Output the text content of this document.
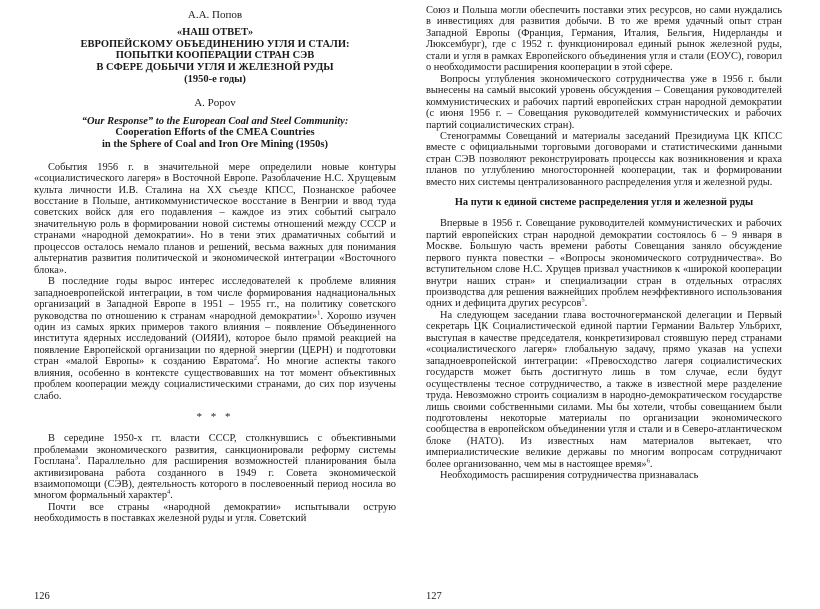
А.А. Попов
«НАШ ОТВЕТ»
ЕВРОПЕЙСКОМУ ОБЪЕДИНЕНИЮ УГЛЯ И СТАЛИ:
ПОПЫТКИ КООПЕРАЦИИ СТРАН СЭВ
В СФЕРЕ ДОБЫЧИ УГЛЯ И ЖЕЛЕЗНОЙ РУДЫ
(1950-е годы)
A. Popov
“Our Response” to the European Coal and Steel Community:
Cooperation Efforts of the CMEA Countries
in the Sphere of Coal and Iron Ore Mining (1950s)

События 1956 г. в значительной мере определили новые контуры «социалистического лагеря» в Восточной Европе. Разоблачение Н.С. Хрущевым культа личности И.В. Сталина на XX съезде КПСС, Познанское рабочее восстание в Польше, антикоммунистическое восстание в Венгрии и ввод туда советских войск для его подавления – каждое из этих событий сыграло значительную роль в формировании новой системы отношений между СССР и странами «народной демократии». Но в тени этих драматичных событий и процессов осталось немало планов и решений, весьма важных для понимания альтернатив развития политической и экономической интеграции «Восточного блока».

В последние годы вырос интерес исследователей к проблеме влияния западноевропейской интеграции, в том числе формирования наднациональных организаций в Западной Европе в 1951 – 1955 гг., на политику советского руководства по отношению к странам «народной демократии»$^1$. Хорошо изучен один из самых ярких примеров такого влияния – появление Объединенного института ядерных исследований (ОИЯИ), которое было прямой реакцией на появление Европейской организации по ядерной энергии (ЦЕРН) и подготовки стран «малой Европы» к созданию Евратома$^2$. Но многие аспекты такого влияния, особенно в контексте существовавших на тот момент объективных проблем кооперации между социалистическими странами, до сих пор изучены слабо.

* * *

В середине 1950-х гг. власти СССР, столкнувшись с объективными проблемами экономического развития, санкционировали реформу системы Госплана$^3$. Параллельно для расширения возможностей планирования была активизирована работа созданного в 1949 г. Совета экономической взаимопомощи (СЭВ), деятельность которого в послевоенный период носила во многом формальный характер$^4$.

Почти все страны «народной демократии» испытывали острую необходимость в поставках железной руды и угля. Советский

126

Союз и Польша могли обеспечить поставки этих ресурсов, но сами нуждались в инвестициях для развития добычи. В то же время удачный опыт стран Западной Европы (Франция, Германия, Италия, Бельгия, Нидерланды и Люксембург), где с 1952 г. функционировал единый рынок железной руды, стали и угля в рамках Европейского объединения угля и стали (ЕОУС), говорил о необходимости расширения кооперации в этой сфере.

Вопросы углубления экономического сотрудничества уже в 1956 г. были вынесены на самый высокий уровень обсуждения – Совещания руководителей коммунистических и рабочих партий европейских стран народной демократии (с июня 1956 г. – Совещания руководителей коммунистических и рабочих партий социалистических стран).

Стенограммы Совещаний и материалы заседаний Президиума ЦК КПСС вместе с официальными торговыми договорами и статистическими данными стран СЭВ позволяют реконструировать процессы как возникновения и краха планов по углублению многосторонней кооперации, так и формировании вместо них системы централизованного распределения угля и железной руды.

На пути к единой системе распределения угля и железной руды

Впервые в 1956 г. Совещание руководителей коммунистических и рабочих партий европейских стран народной демократии состоялось 6 – 9 января в Москве. Большую часть времени работы Совещания заняло обсуждение первого пункта повестки – «Вопросы экономического сотрудничества». Во вступительном слове Н.С. Хрущев призвал участников к «широкой кооперации внутри наших стран» и специализации стран в отдельных отраслях производства для решения важнейших проблем неэффективного использования одних и дефицита других ресурсов$^5$.

На следующем заседании глава восточногерманской делегации и Первый секретарь ЦК Социалистической единой партии Германии Вальтер Ульбрихт, выступая в качестве председателя, конкретизировал стоявшую перед странами «социалистического лагеря» глобальную задачу, прямо указав на успехи западноевропейской интеграции: «Превосходство лагеря социалистических государств может быть достигнуто лишь в том случае, если будут осуществлены тесное сотрудничество, а также в известной мере разделение труда. Невозможно строить социализм в народно-демократическом государстве лишь своими собственными силами. Мы бы хотели, чтобы совещанием были подготовлены некоторые материалы по организации экономического сообщества в европейском объединении угля и стали и в Северо-атлантическом блоке (НАТО). Из известных нам материалов вытекает, что империалистические великие державы по многим вопросам сотрудничают более организованно, чем мы в настоящее время»$^6$.

Необходимость расширения сотрудничества признавалась

127
